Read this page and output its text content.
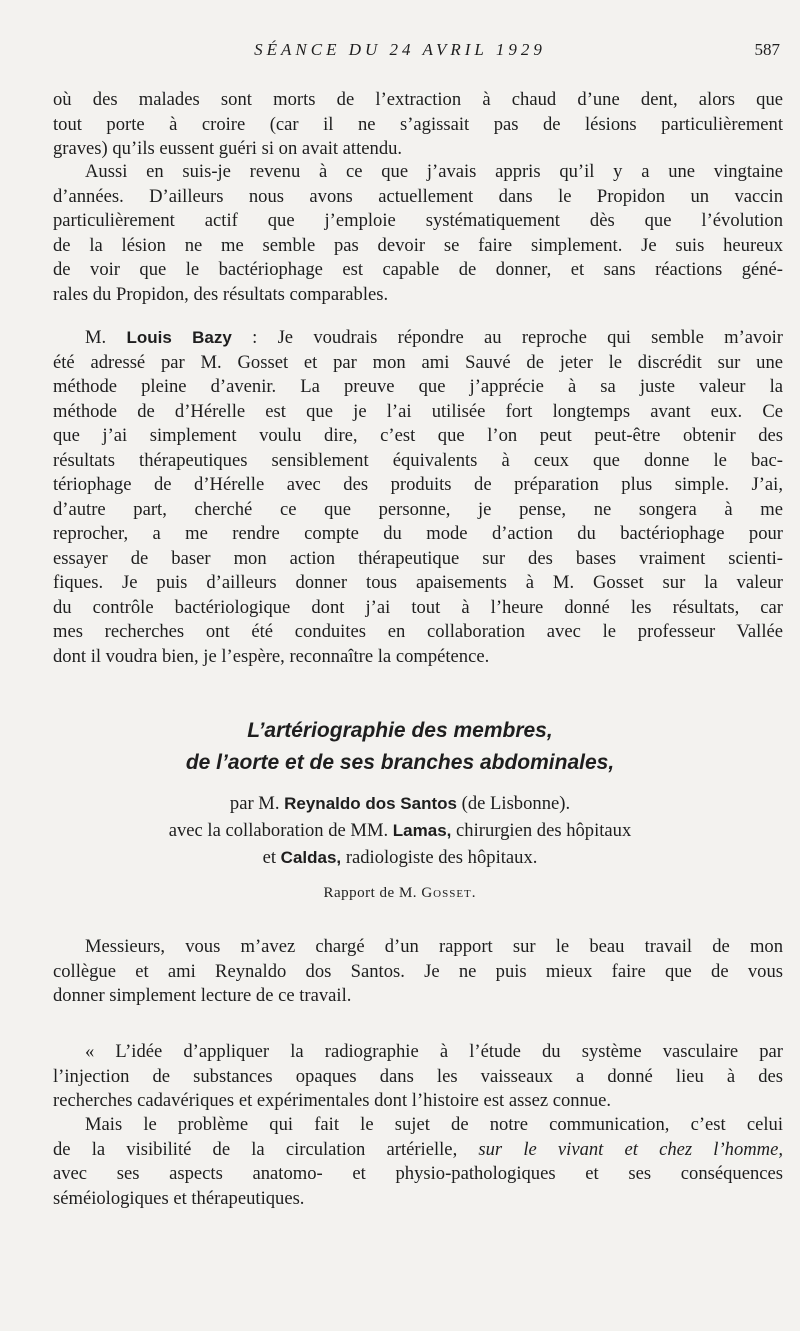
SÉANCE DU 24 AVRIL 1929	587
où des malades sont morts de l’extraction à chaud d’une dent, alors que
tout porte à croire (car il ne s’agissait pas de lésions particulièrement
graves) qu’ils eussent guéri si on avait attendu.
Aussi en suis-je revenu à ce que j’avais appris qu’il y a une vingtaine
d’années. D’ailleurs nous avons actuellement dans le Propidon un vaccin
particulièrement actif que j’emploie systématiquement dès que l’évolution
de la lésion ne me semble pas devoir se faire simplement. Je suis heureux
de voir que le bactériophage est capable de donner, et sans réactions géné-
rales du Propidon, des résultats comparables.
M. Louis Bazy : Je voudrais répondre au reproche qui semble m’avoir
été adressé par M. Gosset et par mon ami Sauvé de jeter le discrédit sur une
méthode pleine d’avenir. La preuve que j’apprécie à sa juste valeur la
méthode de d’Hérelle est que je l’ai utilisée fort longtemps avant eux. Ce
que j’ai simplement voulu dire, c’est que l’on peut peut-être obtenir des
résultats thérapeutiques sensiblement équivalents à ceux que donne le bac-
tériophage de d’Hérelle avec des produits de préparation plus simple. J’ai,
d’autre part, cherché ce que personne, je pense, ne songera à me
reprocher, a me rendre compte du mode d’action du bactériophage pour
essayer de baser mon action thérapeutique sur des bases vraiment scienti-
fiques. Je puis d’ailleurs donner tous apaisements à M. Gosset sur la valeur
du contrôle bactériologique dont j’ai tout à l’heure donné les résultats, car
mes recherches ont été conduites en collaboration avec le professeur Vallée
dont il voudra bien, je l’espère, reconnaître la compétence.
L’artériographie des membres,
de l’aorte et de ses branches abdominales,
par M. Reynaldo dos Santos (de Lisbonne).
avec la collaboration de MM. Lamas, chirurgien des hôpitaux
et Caldas, radiologiste des hôpitaux.
Rapport de M. Gosset.
Messieurs, vous m’avez chargé d’un rapport sur le beau travail de mon
collègue et ami Reynaldo dos Santos. Je ne puis mieux faire que de vous
donner simplement lecture de ce travail.
« L’idée d’appliquer la radiographie à l’étude du système vasculaire par
l’injection de substances opaques dans les vaisseaux a donné lieu à des
recherches cadavériques et expérimentales dont l’histoire est assez connue.
Mais le problème qui fait le sujet de notre communication, c’est celui
de la visibilité de la circulation artérielle, sur le vivant et chez l’homme,
avec ses aspects anatomo- et physio-pathologiques et ses conséquences
séméiologiques et thérapeutiques.
